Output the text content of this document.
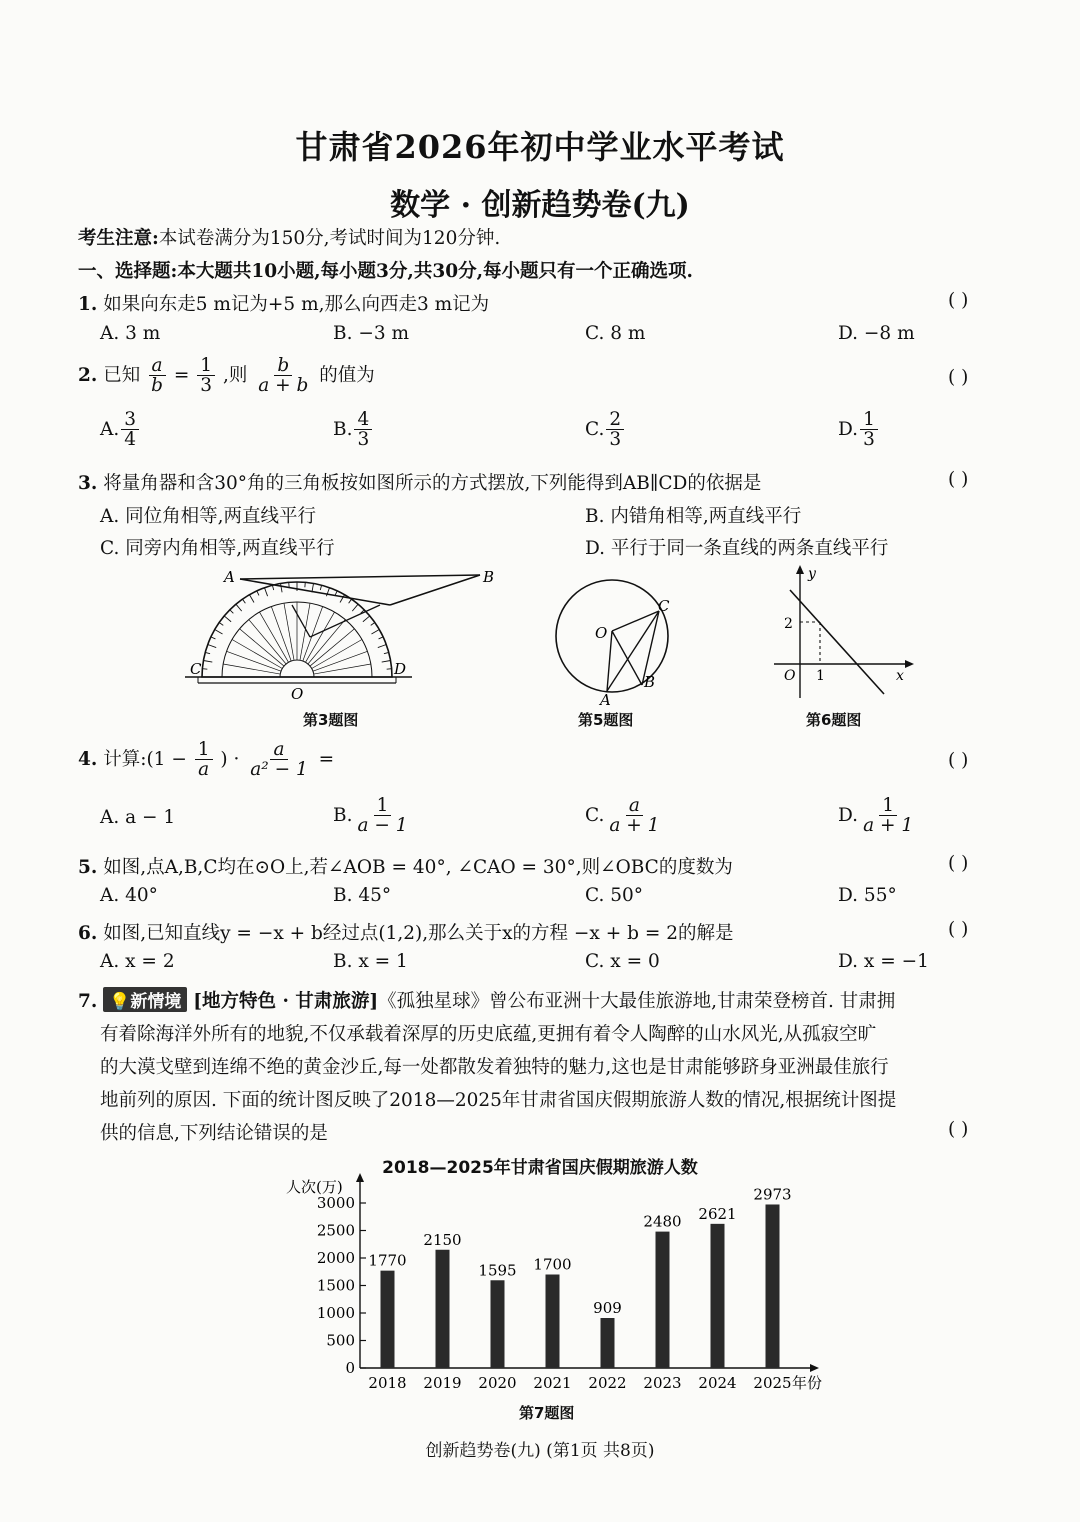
甘肃省2026年初中学业水平考试
数学 · 创新趋势卷(九)
考生注意:本试卷满分为150分,考试时间为120分钟.
一、选择题:本大题共10小题,每小题3分,共30分,每小题只有一个正确选项.
1. 如果向东走5 m记为+5 m,那么向西走3 m记为	( )
A. 3 m	B. −3 m	C. 8 m	D. −8 m
2. 已知 $\frac{a}{b} = \frac{1}{3}$ ,则 $\frac{b}{a + b}$ 的值为	( )
A. $\frac{3}{4}$	B. $\frac{4}{3}$	C. $\frac{2}{3}$	D. $\frac{1}{3}$
3. 将量角器和含30°角的三角板按如图所示的方式摆放,下列能得到AB∥CD的依据是	( )
A. 同位角相等,两直线平行	B. 内错角相等,两直线平行
C. 同旁内角相等,两直线平行	D. 平行于同一条直线的两条直线平行
A	B
C	D
O
第3题图
O
A
B
C
第5题图
y
x
O
2
1
第6题图
4. 计算:(1 − $\frac{1}{a}$ ) · $\frac{a}{\text{a² − 1}}$ =	( )
A. a − 1	B. $\frac{1}{a - 1}$	C. $\frac{a}{a + 1}$	D. $\frac{1}{a + 1}$
5. 如图,点A,B,C均在⊙O上,若∠AOB = 40°, ∠CAO = 30°,则∠OBC的度数为	( )
A. 40°	B. 45°	C. 50°	D. 55°
6. 如图,已知直线y = −x + b经过点(1,2),那么关于x的方程 −x + b = 2的解是	( )
A. x = 2	B. x = 1	C. x = 0	D. x = −1
7. 💡新情境 [地方特色 · 甘肃旅游]《孤独星球》曾公布亚洲十大最佳旅游地,甘肃荣登榜首. 甘肃拥
有着除海洋外所有的地貌,不仅承载着深厚的历史底蕴,更拥有着令人陶醉的山水风光,从孤寂空旷
的大漠戈壁到连绵不绝的黄金沙丘,每一处都散发着独特的魅力,这也是甘肃能够跻身亚洲最佳旅行
地前列的原因. 下面的统计图反映了2018—2025年甘肃省国庆假期旅游人数的情况,根据统计图提
供的信息,下列结论错误的是	( )
2018—2025年甘肃省国庆假期旅游人数
人次(万)
年份
0
500
1000
1500
2000
2500
3000
1770
2018
2150
2019
1595
2020
1700
2021
909
2022
2480
2023
2621
2024
2973
2025
第7题图
创新趋势卷(九) (第1页 共8页)
